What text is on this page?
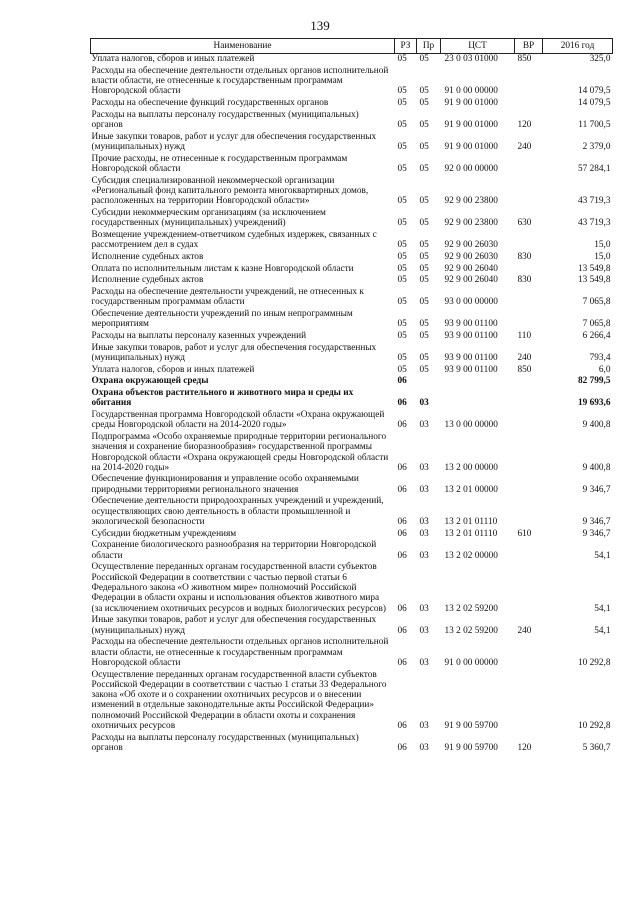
139
Наименование	РЗ	Пр	ЦСТ	ВР	2016 год
Уплата налогов, сборов и иных платежей	05	05	23 0 03 01000	850	325,0
Расходы на обеспечение деятельности отдельных органов исполнительной власти области, не отнесенные к государственным программам Новгородской области	05	05	91 0 00 00000		14 079,5
Расходы на обеспечение функций государственных органов	05	05	91 9 00 01000		14 079,5
Расходы на выплаты персоналу государственных (муниципальных) органов	05	05	91 9 00 01000	120	11 700,5
Иные закупки товаров, работ и услуг для обеспечения государственных (муниципальных) нужд	05	05	91 9 00 01000	240	2 379,0
Прочие расходы, не отнесенные к государственным программам Новгородской области	05	05	92 0 00 00000		57 284,1
Субсидия специализированной некоммерческой организации «Региональный фонд капитального ремонта многоквартирных домов, расположенных на территории Новгородской области»	05	05	92 9 00 23800		43 719,3
Субсидии некоммерческим организациям (за исключением государственных (муниципальных) учреждений)	05	05	92 9 00 23800	630	43 719,3
Возмещение учреждением-ответчиком судебных издержек, связанных с рассмотрением дел в судах	05	05	92 9 00 26030		15,0
Исполнение судебных актов	05	05	92 9 00 26030	830	15,0
Оплата по исполнительным листам к казне Новгородской области	05	05	92 9 00 26040		13 549,8
Исполнение судебных актов	05	05	92 9 00 26040	830	13 549,8
Расходы на обеспечение деятельности учреждений, не отнесенных к государственным программам области	05	05	93 0 00 00000		7 065,8
Обеспечение деятельности учреждений по иным непрограммным мероприятиям	05	05	93 9 00 01100		7 065,8
Расходы на выплаты персоналу казенных учреждений	05	05	93 9 00 01100	110	6 266,4
Иные закупки товаров, работ и услуг для обеспечения государственных (муниципальных) нужд	05	05	93 9 00 01100	240	793,4
Уплата налогов, сборов и иных платежей	05	05	93 9 00 01100	850	6,0
Охрана окружающей среды	06				82 799,5
Охрана объектов растительного и животного мира и среды их обитания	06	03			19 693,6
Государственная программа Новгородской области «Охрана окружающей среды Новгородской области на 2014-2020 годы»	06	03	13 0 00 00000		9 400,8
Подпрограмма «Особо охраняемые природные территории регионального значения и сохранение биоразнообразия» государственной программы Новгородской области «Охрана окружающей среды Новгородской области на 2014-2020 годы»	06	03	13 2 00 00000		9 400,8
Обеспечение функционирования и управление особо охраняемыми природными территориями регионального значения	06	03	13 2 01 00000		9 346,7
Обеспечение деятельности природоохранных учреждений и учреждений, осуществляющих свою деятельность в области промышленной и экологической безопасности	06	03	13 2 01 01110		9 346,7
Субсидии бюджетным учреждениям	06	03	13 2 01 01110	610	9 346,7
Сохранение биологического разнообразия на территории Новгородской области	06	03	13 2 02 00000		54,1
Осуществление переданных органам государственной власти субъектов Российской Федерации в соответствии с частью первой статьи 6 Федерального закона «О животном мире» полномочий Российской Федерации в области охраны и использования объектов животного мира (за исключением охотничьих ресурсов и водных биологических ресурсов)	06	03	13 2 02 59200		54,1
Иные закупки товаров, работ и услуг для обеспечения государственных (муниципальных) нужд	06	03	13 2 02 59200	240	54,1
Расходы на обеспечение деятельности отдельных органов исполнительной власти области, не отнесенные к государственным программам Новгородской области	06	03	91 0 00 00000		10 292,8
Осуществление переданных органам государственной власти субъектов Российской Федерации в соответствии с частью 1 статьи 33 Федерального закона «Об охоте и о сохранении охотничьих ресурсов и о внесении изменений в отдельные законодательные акты Российской Федерации» полномочий Российской Федерации в области охоты и сохранения охотничьих ресурсов	06	03	91 9 00 59700		10 292,8
Расходы на выплаты персоналу государственных (муниципальных) органов	06	03	91 9 00 59700	120	5 360,7
